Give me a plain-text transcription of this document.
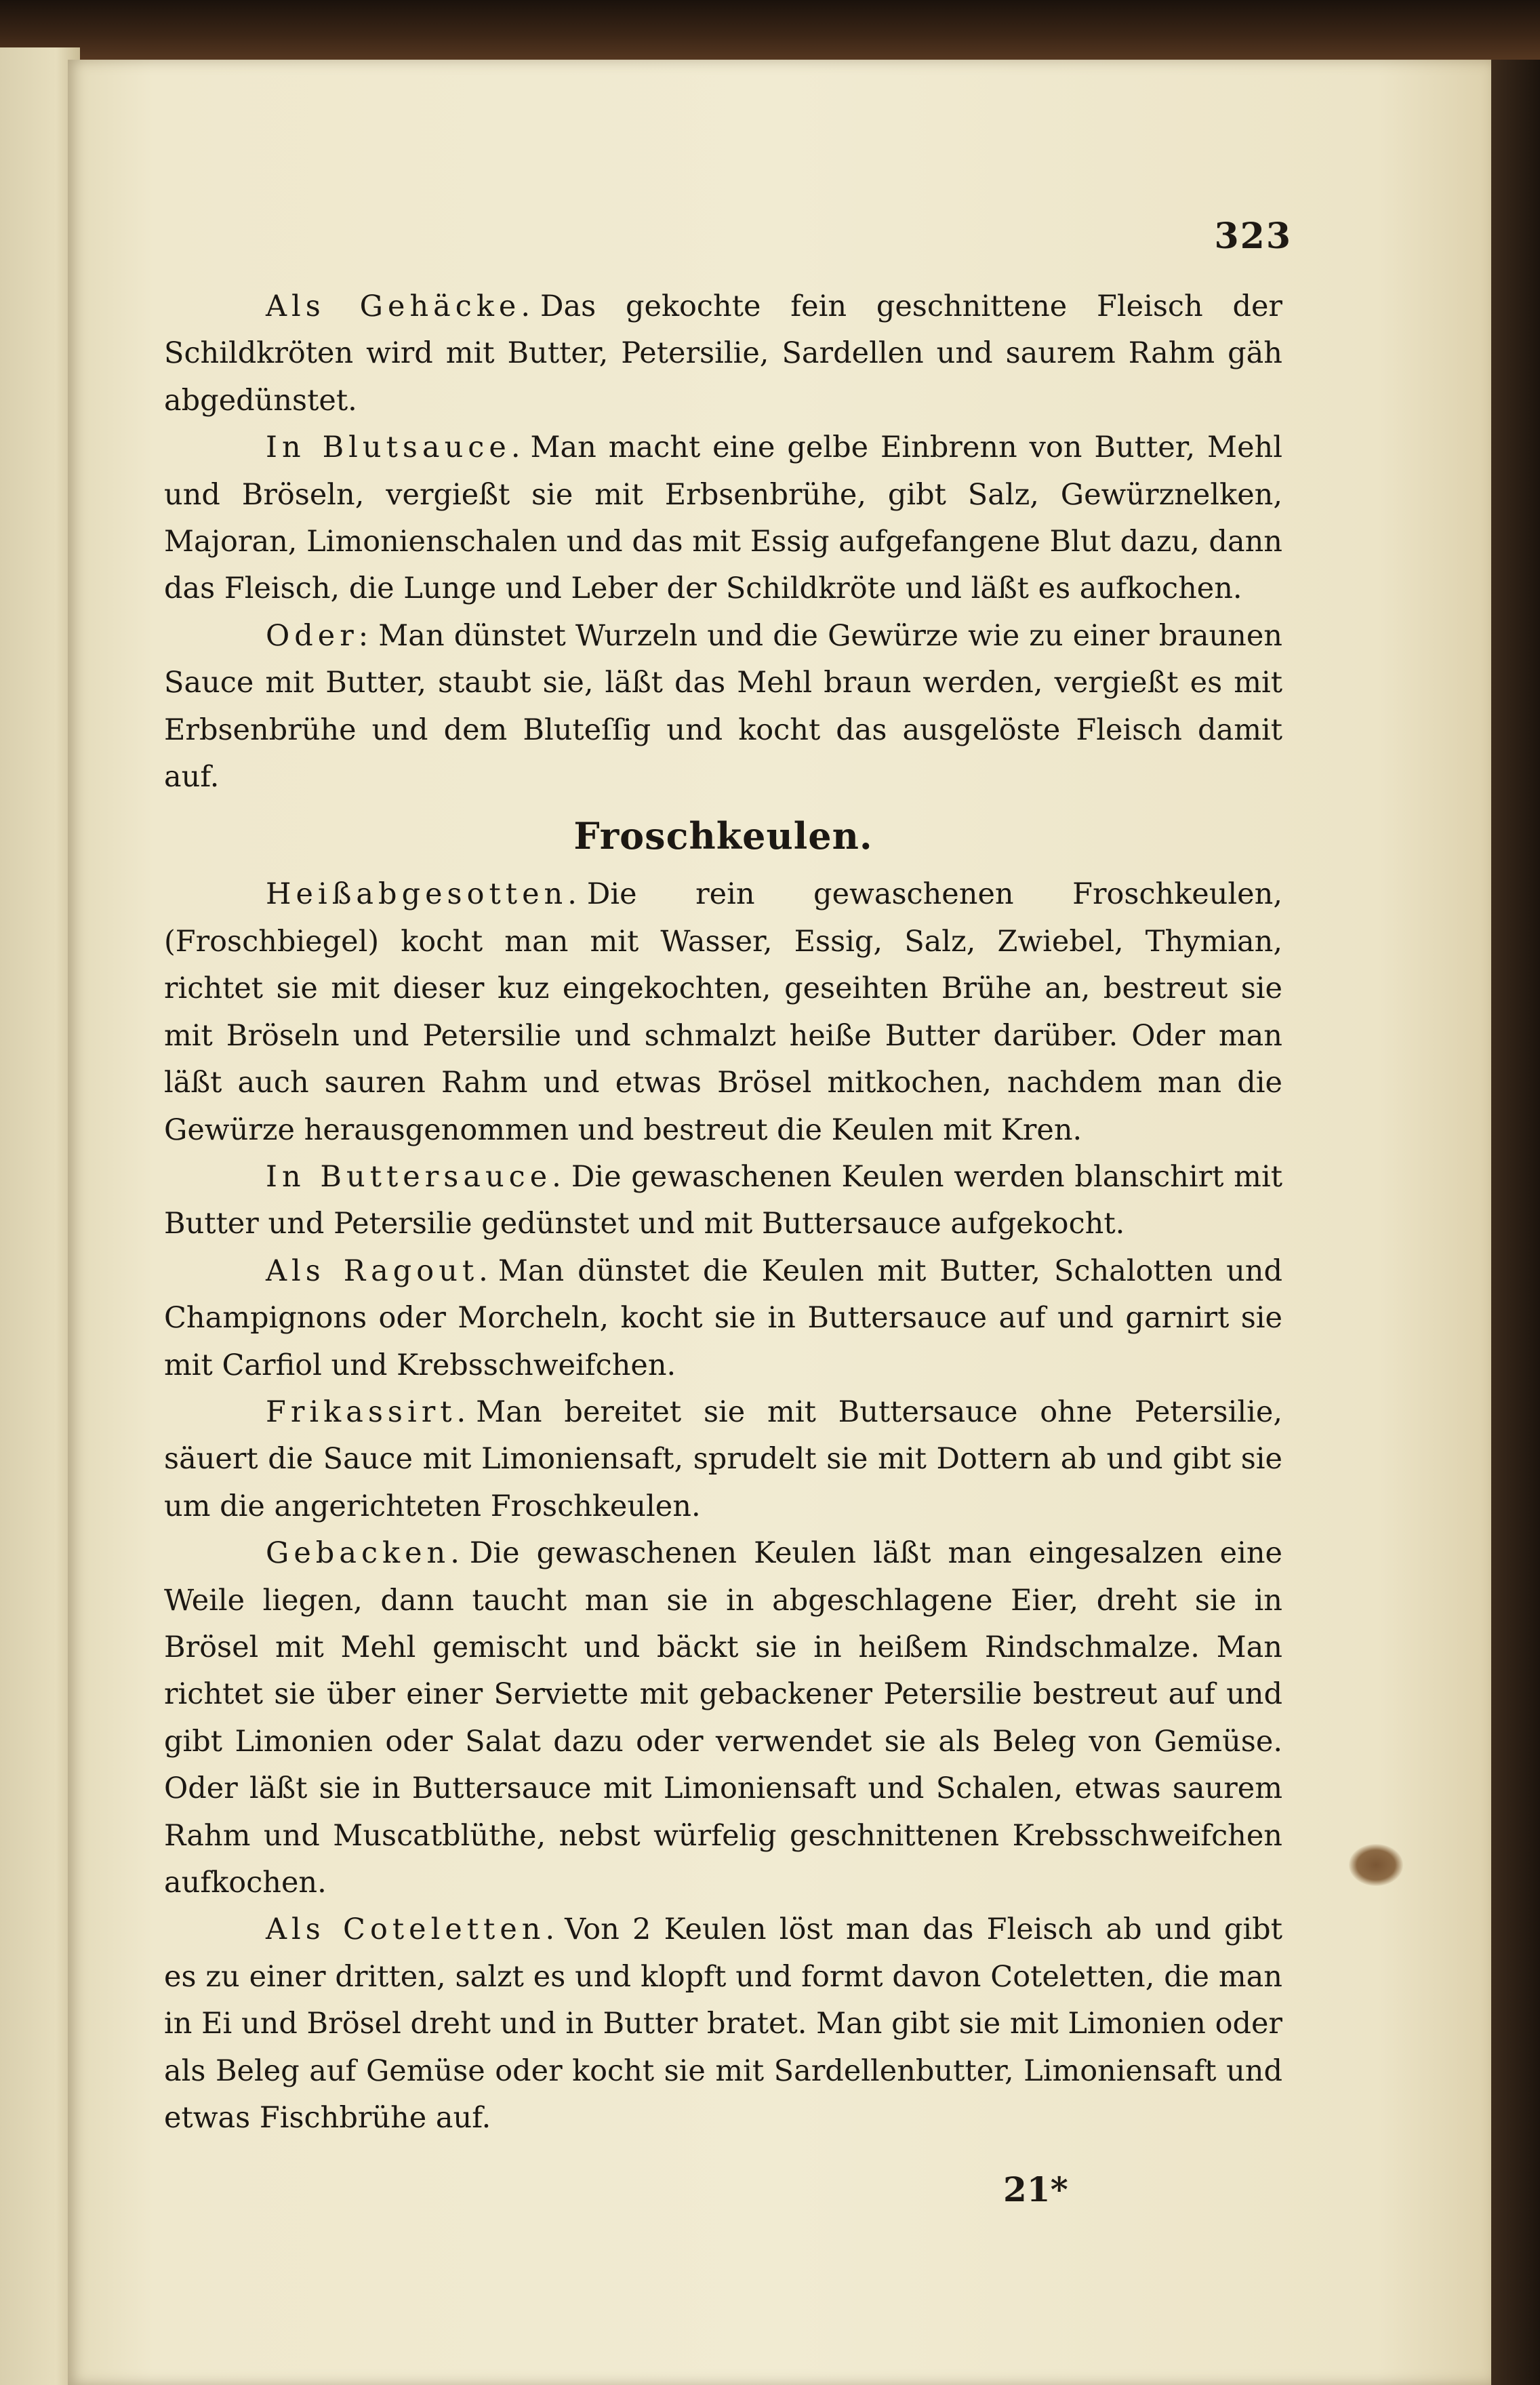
323

Als Gehäcke. Das gekochte fein geschnittene Fleisch der Schildkröten wird mit Butter, Petersilie, Sardellen und saurem Rahm gäh abgedünstet.

In Blutsauce. Man macht eine gelbe Einbrenn von Butter, Mehl und Bröseln, vergießt sie mit Erbsenbrühe, gibt Salz, Gewürznelken, Majoran, Limonienschalen und das mit Essig aufgefangene Blut dazu, dann das Fleisch, die Lunge und Leber der Schildkröte und läßt es aufkochen.

Oder: Man dünstet Wurzeln und die Gewürze wie zu einer braunen Sauce mit Butter, staubt sie, läßt das Mehl braun werden, vergießt es mit Erbsenbrühe und dem Bluteſſig und kocht das ausgelöste Fleisch damit auf.

Froschkeulen.

Heißabgesotten. Die rein gewaschenen Froschkeulen, (Froschbiegel) kocht man mit Wasser, Essig, Salz, Zwiebel, Thymian, richtet sie mit dieser kuz eingekochten, geseihten Brühe an, bestreut sie mit Bröseln und Petersilie und schmalzt heiße Butter darüber. Oder man läßt auch sauren Rahm und etwas Brösel mitkochen, nachdem man die Gewürze herausgenommen und bestreut die Keulen mit Kren.

In Buttersauce. Die gewaschenen Keulen werden blanschirt mit Butter und Petersilie gedünstet und mit Buttersauce aufgekocht.

Als Ragout. Man dünstet die Keulen mit Butter, Schalotten und Champignons oder Morcheln, kocht sie in Buttersauce auf und garnirt sie mit Carfiol und Krebsschweifchen.

Frikassirt. Man bereitet sie mit Buttersauce ohne Petersilie, säuert die Sauce mit Limoniensaft, sprudelt sie mit Dottern ab und gibt sie um die angerichteten Froschkeulen.

Gebacken. Die gewaschenen Keulen läßt man eingesalzen eine Weile liegen, dann taucht man sie in abgeschlagene Eier, dreht sie in Brösel mit Mehl gemischt und bäckt sie in heißem Rindschmalze. Man richtet sie über einer Serviette mit gebackener Petersilie bestreut auf und gibt Limonien oder Salat dazu oder verwendet sie als Beleg von Gemüse. Oder läßt sie in Buttersauce mit Limoniensaft und Schalen, etwas saurem Rahm und Muscatblüthe, nebst würfelig geschnittenen Krebsschweifchen aufkochen.

Als Coteletten. Von 2 Keulen löst man das Fleisch ab und gibt es zu einer dritten, salzt es und klopft und formt davon Coteletten, die man in Ei und Brösel dreht und in Butter bratet. Man gibt sie mit Limonien oder als Beleg auf Gemüse oder kocht sie mit Sardellenbutter, Limoniensaft und etwas Fischbrühe auf.

21*
